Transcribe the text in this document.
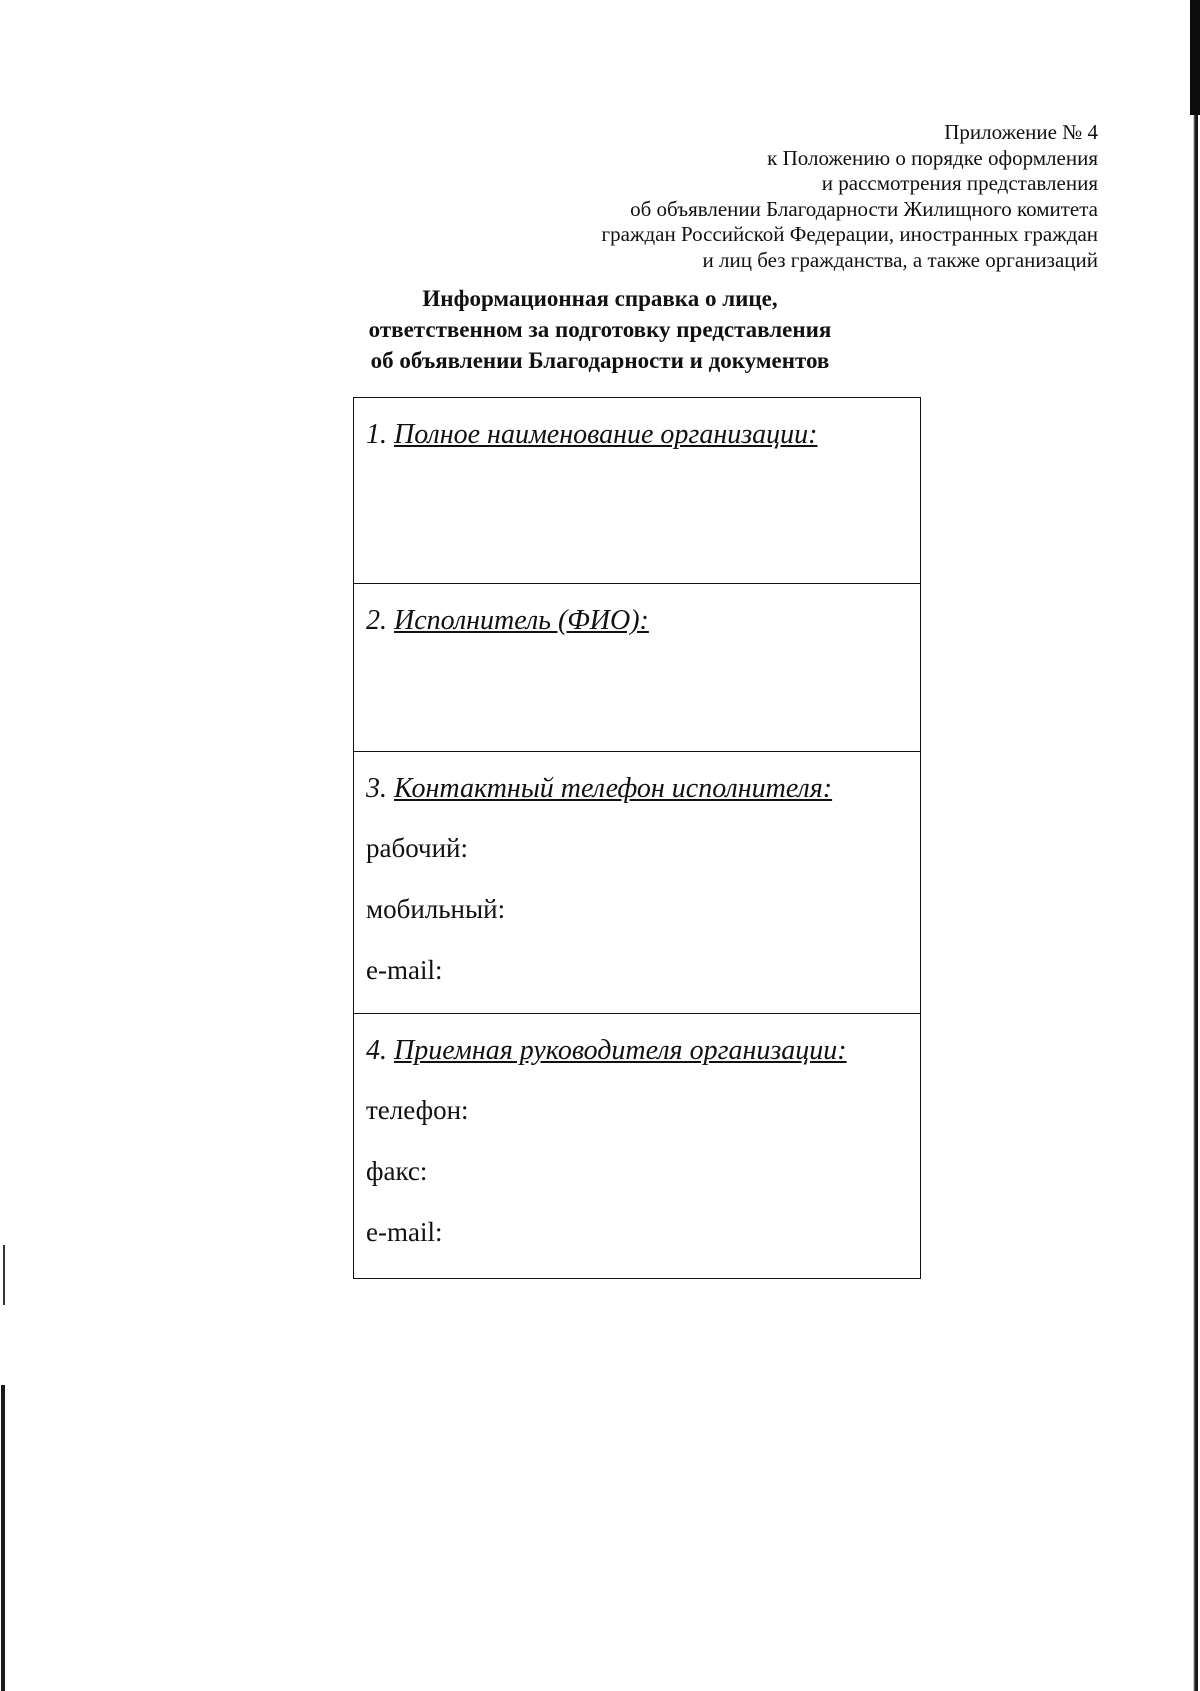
Приложение № 4
к Положению о порядке оформления
и рассмотрения представления
об объявлении Благодарности Жилищного комитета
граждан Российской Федерации, иностранных граждан
и лиц без гражданства, а также организаций
Информационная справка о лице,
ответственном за подготовку представления
об объявлении Благодарности и документов
1. Полное наименование организации:
2. Исполнитель (ФИО):
3. Контактный телефон исполнителя:
рабочий:
мобильный:
e-mail:
4. Приемная руководителя организации:
телефон:
факс:
e-mail:
